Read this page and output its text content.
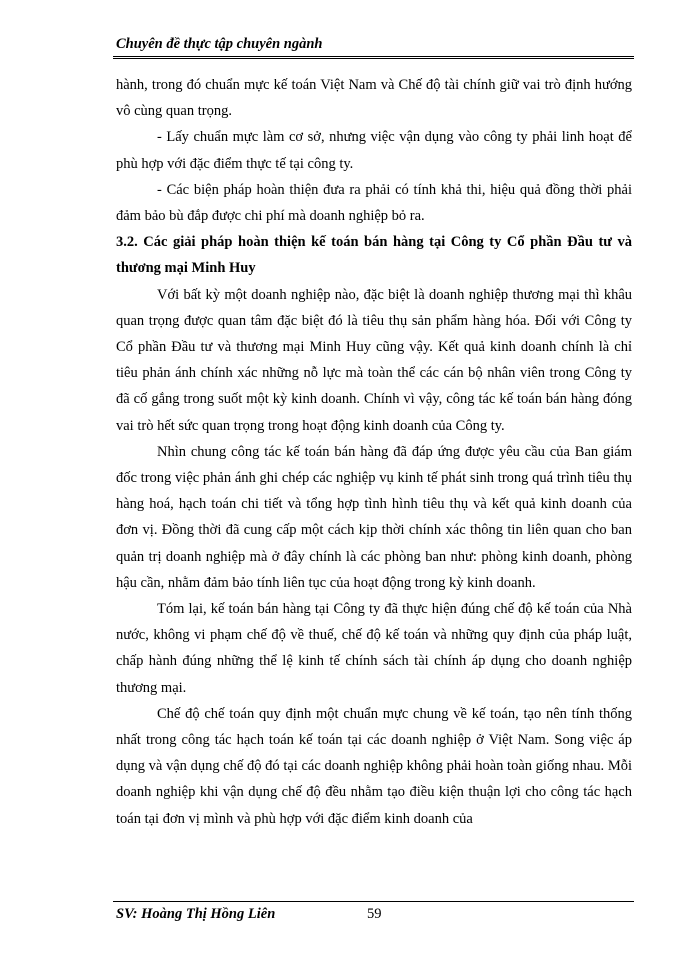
Chuyên đề thực tập chuyên ngành

hành, trong đó chuẩn mực kế toán Việt Nam và Chế độ tài chính giữ vai trò định hướng vô cùng quan trọng.

- Lấy chuẩn mực làm cơ sở, nhưng việc vận dụng vào công ty phải linh hoạt để phù hợp với đặc điểm thực tế tại công ty.

- Các biện pháp hoàn thiện đưa ra phải có tính khả thi, hiệu quả đồng thời phải đảm bảo bù đắp được chi phí mà doanh nghiệp bỏ ra.

3.2. Các giải pháp hoàn thiện kế toán bán hàng tại Công ty Cổ phần Đầu tư và thương mại Minh Huy

Với bất kỳ một doanh nghiệp nào, đặc biệt là doanh nghiệp thương mại thì khâu quan trọng được quan tâm đặc biệt đó là tiêu thụ sản phẩm hàng hóa. Đối với Công ty Cổ phần Đầu tư và thương mại Minh Huy cũng vậy. Kết quả kinh doanh chính là chỉ tiêu phản ánh chính xác những nỗ lực mà toàn thể các cán bộ nhân viên trong Công ty đã cố gắng trong suốt một kỳ kinh doanh. Chính vì vậy, công tác kế toán bán hàng đóng vai trò hết sức quan trọng trong hoạt động kinh doanh của Công ty.

Nhìn chung công tác kế toán bán hàng đã đáp ứng được yêu cầu của Ban giám đốc trong việc phản ánh ghi chép các nghiệp vụ kinh tế phát sinh trong quá trình tiêu thụ hàng hoá, hạch toán chi tiết và tổng hợp tình hình tiêu thụ và kết quả kinh doanh của đơn vị. Đồng thời đã cung cấp một cách kịp thời chính xác thông tin liên quan cho ban quản trị doanh nghiệp mà ở đây chính là các phòng ban như: phòng kinh doanh, phòng hậu cần, nhằm đảm bảo tính liên tục của hoạt động trong kỳ kinh doanh.

Tóm lại, kế toán bán hàng tại Công ty đã thực hiện đúng chế độ kế toán của Nhà nước, không vi phạm chế độ về thuế, chế độ kế toán và những quy định của pháp luật, chấp hành đúng những thể lệ kinh tế chính sách tài chính áp dụng cho doanh nghiệp thương mại.

Chế độ chế toán quy định một chuẩn mực chung về kế toán, tạo nên tính thống nhất trong công tác hạch toán kế toán tại các doanh nghiệp ở Việt Nam. Song việc áp dụng và vận dụng chế độ đó tại các doanh nghiệp không phải hoàn toàn giống nhau. Mỗi doanh nghiệp khi vận dụng chế độ đều nhằm tạo điều kiện thuận lợi cho công tác hạch toán tại đơn vị mình và phù hợp với đặc điểm kinh doanh của

SV: Hoàng Thị Hồng Liên	59
